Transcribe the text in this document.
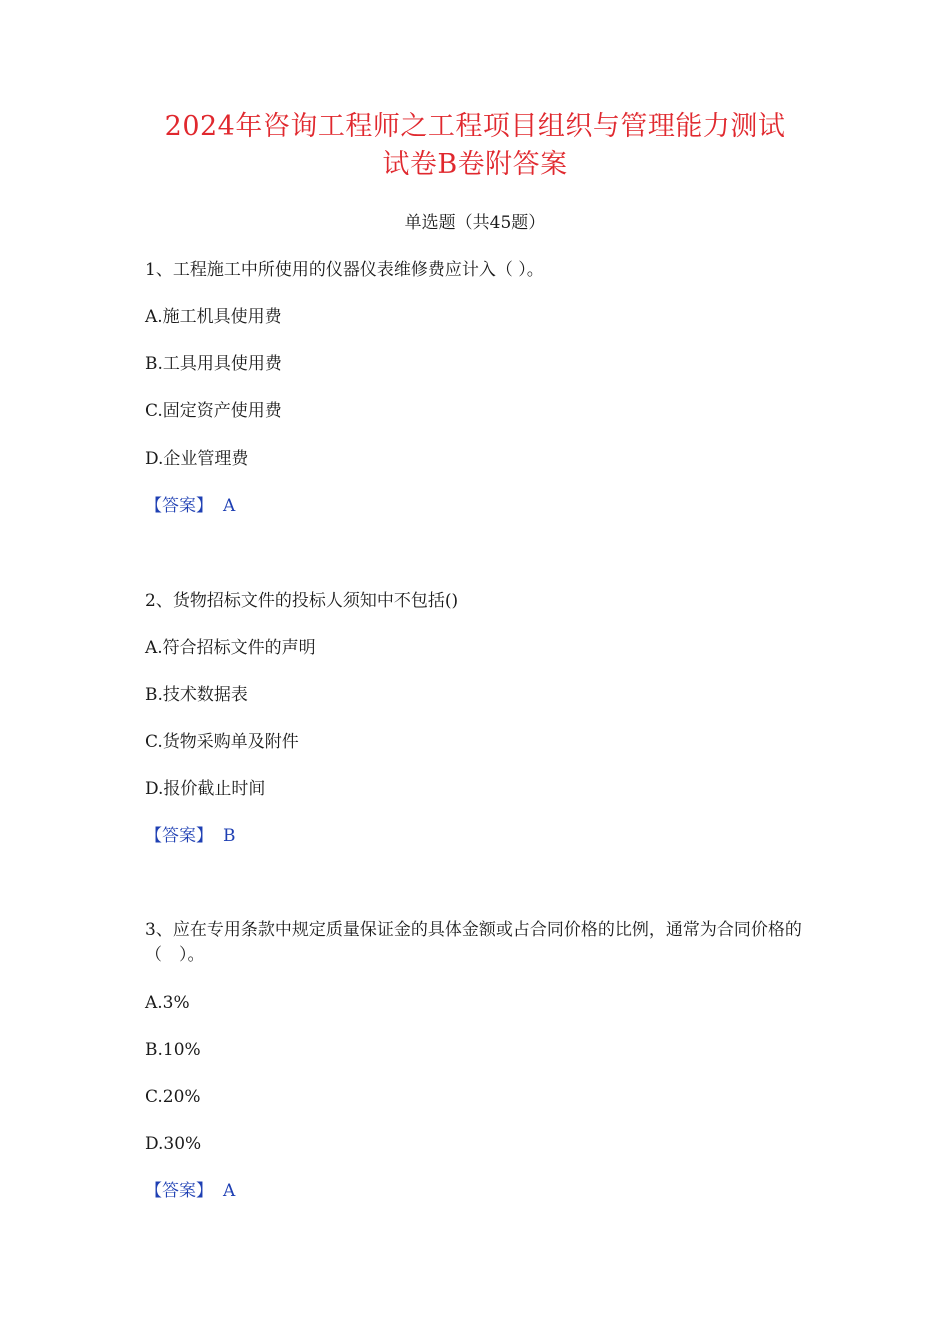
2024年咨询工程师之工程项目组织与管理能力测试
试卷B卷附答案
单选题（共45题）
1、工程施工中所使用的仪器仪表维修费应计入（ ）。
A.施工机具使用费
B.工具用具使用费
C.固定资产使用费
D.企业管理费
【答案】 A
2、货物招标文件的投标人须知中不包括()
A.符合招标文件的声明
B.技术数据表
C.货物采购单及附件
D.报价截止时间
【答案】 B
3、应在专用条款中规定质量保证金的具体金额或占合同价格的比例，通常为合同价格的（　）。
A.3%
B.10%
C.20%
D.30%
【答案】 A
